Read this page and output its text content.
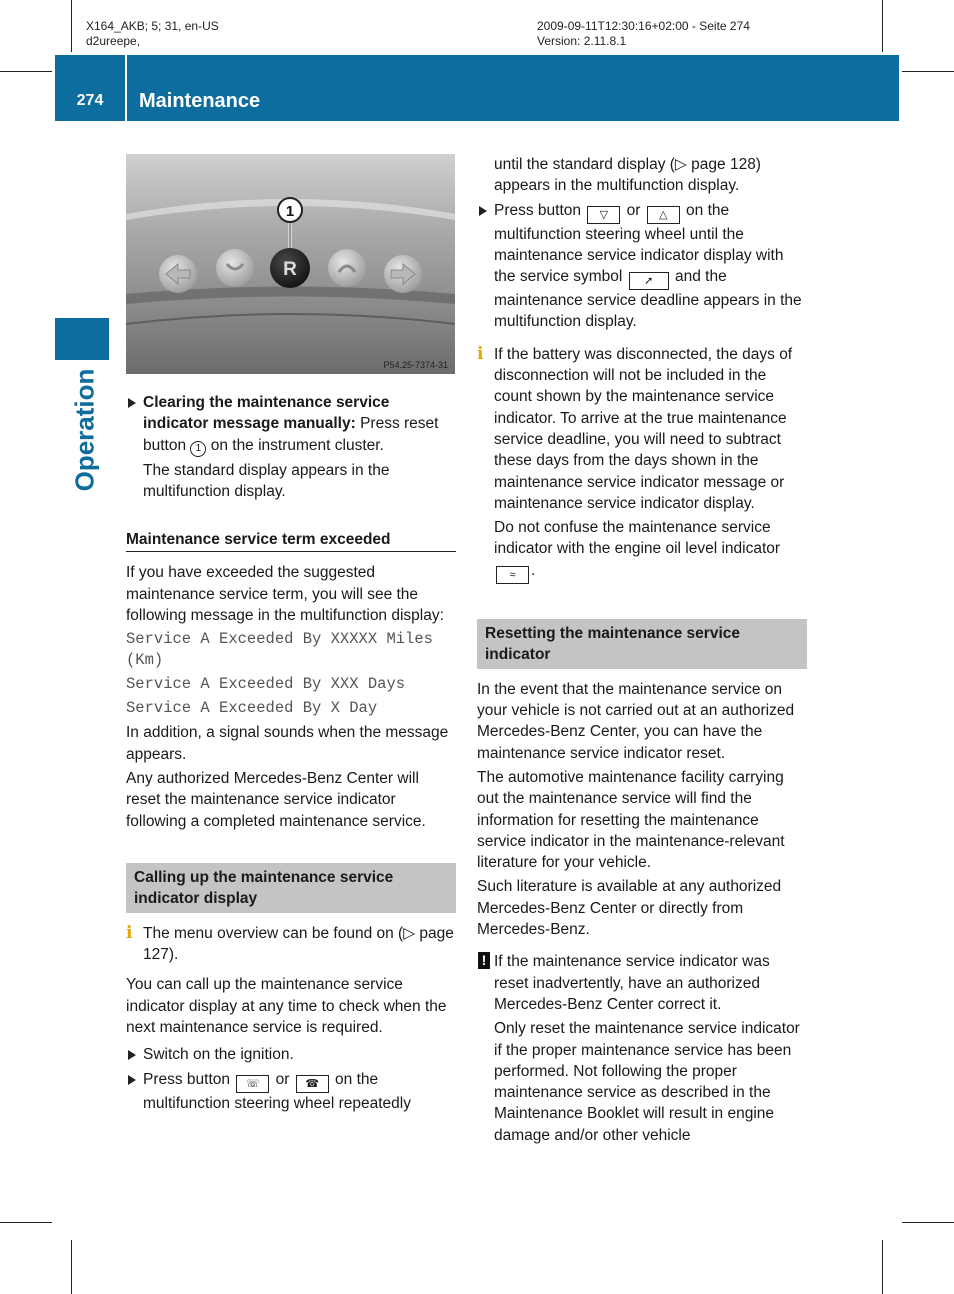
X164_AKB; 5; 31, en-US
d2ureepe,
2009-09-11T12:30:16+02:00 - Seite 274
Version: 2.11.8.1
274	Maintenance
Operation
R
1
P54.25-7374-31

Clearing the maintenance service indicator message manually: Press reset button 1 on the instrument cluster.

The standard display appears in the multifunction display.

Maintenance service term exceeded

If you have exceeded the suggested maintenance service term, you will see the following message in the multifunction display:

Service A Exceeded By XXXXX Miles (Km)

Service A Exceeded By XXX Days

Service A Exceeded By X Day

In addition, a signal sounds when the message appears.

Any authorized Mercedes-Benz Center will reset the maintenance service indicator following a completed maintenance service.

Calling up the maintenance service indicator display

i The menu overview can be found on (▷ page 127).

You can call up the maintenance service indicator display at any time to check when the next maintenance service is required.

Switch on the ignition.

Press button ☏ or ☎ on the multifunction steering wheel repeatedly

until the standard display (▷ page 128) appears in the multifunction display.

Press button ▽ or △ on the multifunction steering wheel until the maintenance service indicator display with the service symbol ➚ and the maintenance service deadline appears in the multifunction display.

i If the battery was disconnected, the days of disconnection will not be included in the count shown by the maintenance service indicator. To arrive at the true maintenance service deadline, you will need to subtract these days from the days shown in the maintenance service indicator message or maintenance service indicator display.

Do not confuse the maintenance service indicator with the engine oil level indicator ≈ .

Resetting the maintenance service indicator

In the event that the maintenance service on your vehicle is not carried out at an authorized Mercedes-Benz Center, you can have the maintenance service indicator reset.

The automotive maintenance facility carrying out the maintenance service will find the information for resetting the maintenance service indicator in the maintenance-relevant literature for your vehicle.

Such literature is available at any authorized Mercedes-Benz Center or directly from Mercedes-Benz.

! If the maintenance service indicator was reset inadvertently, have an authorized Mercedes-Benz Center correct it.

Only reset the maintenance service indicator if the proper maintenance service has been performed. Not following the proper maintenance service as described in the Maintenance Booklet will result in engine damage and/or other vehicle
